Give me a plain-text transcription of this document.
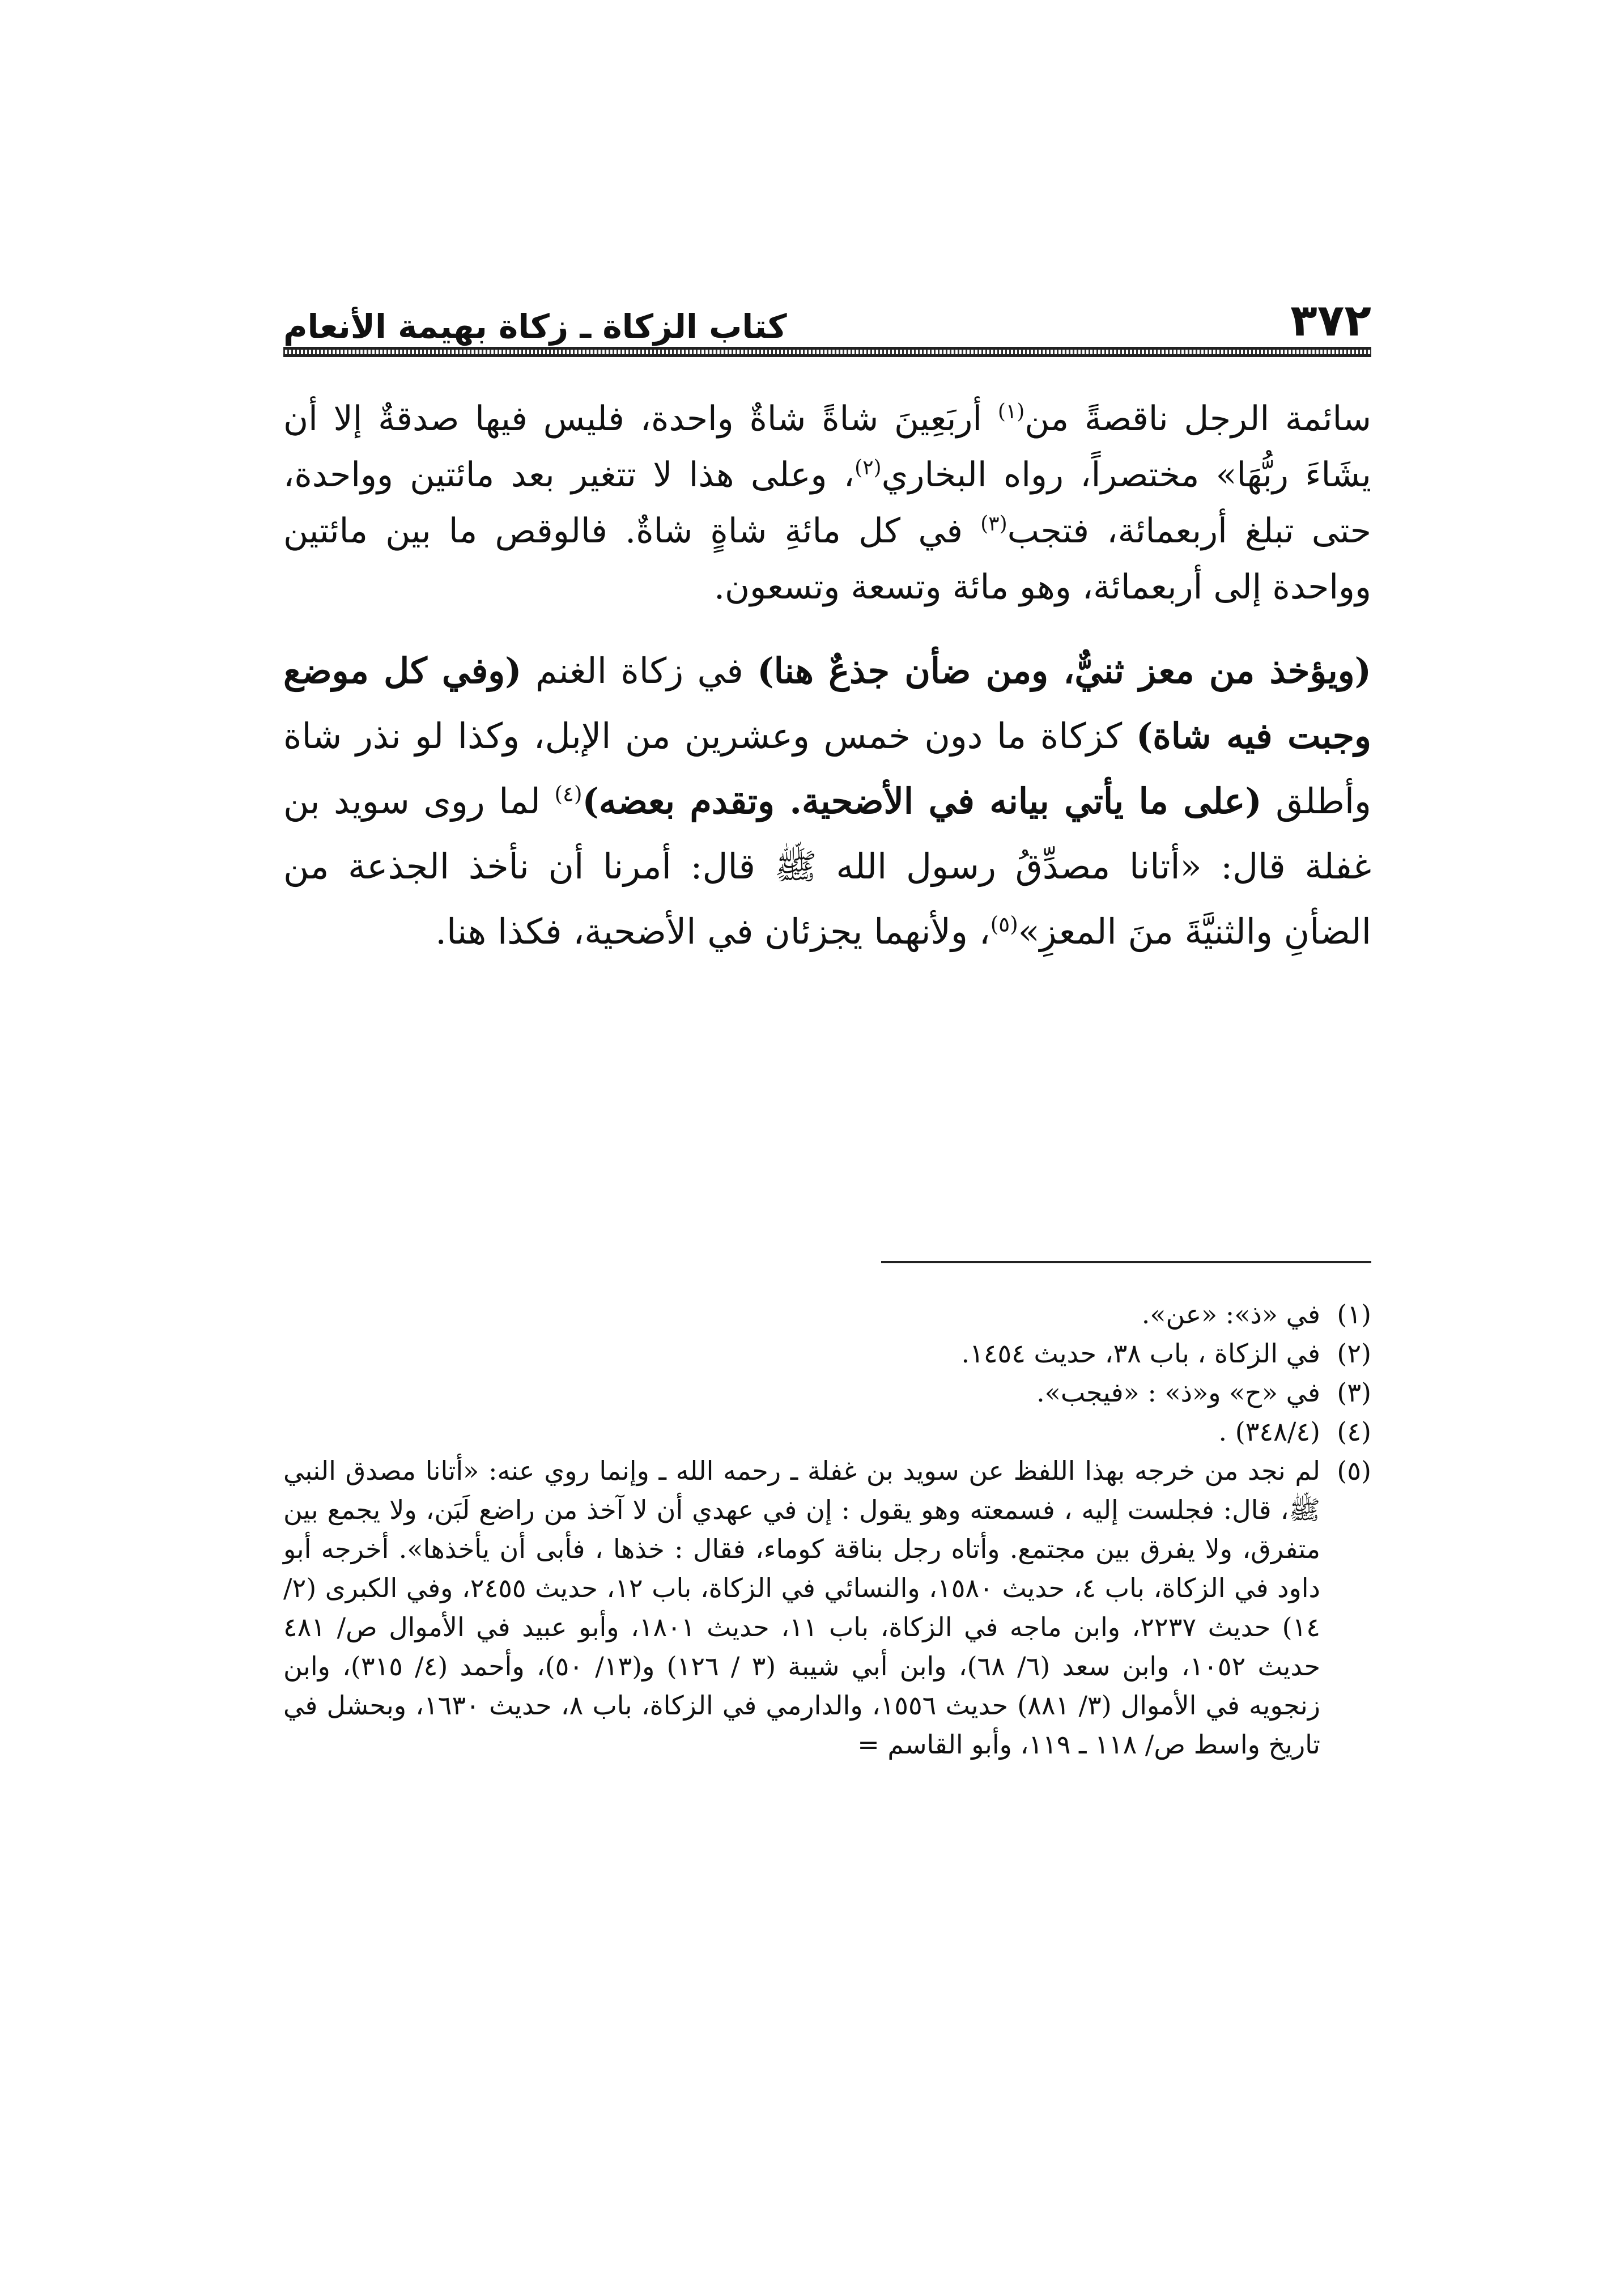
٣٧٢
كتاب الزكاة ـ زكاة بهيمة الأنعام

سائمة الرجل ناقصةً من$^{(١)}$ أربَعِينَ شاةً شاةٌ واحدة، فليس فيها صدقةٌ إلا أن يشَاءَ ربُّهَا» مختصراً، رواه البخاري$^{(٢)}$، وعلى هذا لا تتغير بعد مائتين وواحدة، حتى تبلغ أربعمائة، فتجب$^{(٣)}$ في كل مائةِ شاةٍ شاةٌ. فالوقص ما بين مائتين وواحدة إلى أربعمائة، وهو مائة وتسعة وتسعون.

(ويؤخذ من معز ثنيٌّ، ومن ضأن جذعٌ هنا) في زكاة الغنم (وفي كل موضع وجبت فيه شاة) كزكاة ما دون خمس وعشرين من الإبل، وكذا لو نذر شاة وأطلق (على ما يأتي بيانه في الأضحية. وتقدم بعضه)$^{(٤)}$ لما روى سويد بن غفلة قال: «أتانا مصدِّقُ رسول الله ﷺ قال: أمرنا أن نأخذ الجذعة من الضأنِ والثنيَّةَ منَ المعزِ»$^{(٥)}$، ولأنهما يجزئان في الأضحية، فكذا هنا.

(١)
في «ذ»: «عن».
(٢)
في الزكاة ، باب ٣٨، حديث ١٤٥٤.
(٣)
في «ح» و«ذ» : «فيجب».
(٤)
(٣٤٨/٤) .
(٥)
لم نجد من خرجه بهذا اللفظ عن سويد بن غفلة ـ رحمه الله ـ وإنما روي عنه: «أتانا مصدق النبي ﷺ، قال: فجلست إليه ، فسمعته وهو يقول : إن في عهدي أن لا آخذ من راضع لَبَن، ولا يجمع بين متفرق، ولا يفرق بين مجتمع. وأتاه رجل بناقة كوماء، فقال : خذها ، فأبى أن يأخذها». أخرجه أبو داود في الزكاة، باب ٤، حديث ١٥٨٠، والنسائي في الزكاة، باب ١٢، حديث ٢٤٥٥، وفي الكبرى (٢/ ١٤) حديث ٢٢٣٧، وابن ماجه في الزكاة، باب ١١، حديث ١٨٠١، وأبو عبيد في الأموال ص/ ٤٨١ حديث ١٠٥٢، وابن سعد (٦/ ٦٨)، وابن أبي شيبة (٣ / ١٢٦) و(١٣/ ٥٠)، وأحمد (٤/ ٣١٥)، وابن زنجويه في الأموال (٣/ ٨٨١) حديث ١٥٥٦، والدارمي في الزكاة، باب ٨، حديث ١٦٣٠، وبحشل في تاريخ واسط ص/ ١١٨ ـ ١١٩، وأبو القاسم =
